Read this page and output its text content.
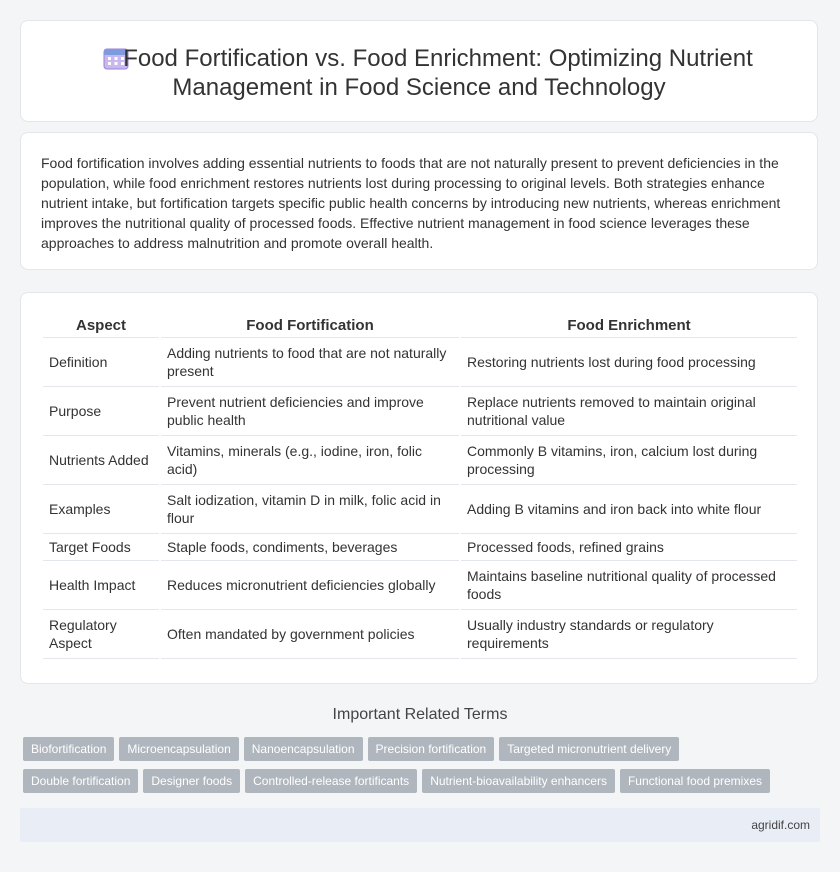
Food Fortification vs. Food Enrichment: Optimizing Nutrient
Management in Food Science and Technology

Food fortification involves adding essential nutrients to foods that are not naturally present to prevent deficiencies in the population, while food enrichment restores nutrients lost during processing to original levels. Both strategies enhance nutrient intake, but fortification targets specific public health concerns by introducing new nutrients, whereas enrichment improves the nutritional quality of processed foods. Effective nutrient management in food science leverages these approaches to address malnutrition and promote overall health.

Aspect	Food Fortification	Food Enrichment
Definition	Adding nutrients to food that are not naturally present	Restoring nutrients lost during food processing
Purpose	Prevent nutrient deficiencies and improve public health	Replace nutrients removed to maintain original nutritional value
Nutrients Added	Vitamins, minerals (e.g., iodine, iron, folic acid)	Commonly B vitamins, iron, calcium lost during processing
Examples	Salt iodization, vitamin D in milk, folic acid in flour	Adding B vitamins and iron back into white flour
Target Foods	Staple foods, condiments, beverages	Processed foods, refined grains
Health Impact	Reduces micronutrient deficiencies globally	Maintains baseline nutritional quality of processed foods
Regulatory Aspect	Often mandated by government policies	Usually industry standards or regulatory requirements
Important Related Terms
Biofortification Microencapsulation Nanoencapsulation Precision fortification Targeted micronutrient delivery
Double fortification Designer foods Controlled-release fortificants Nutrient-bioavailability enhancers Functional food premixes
agridif.com
